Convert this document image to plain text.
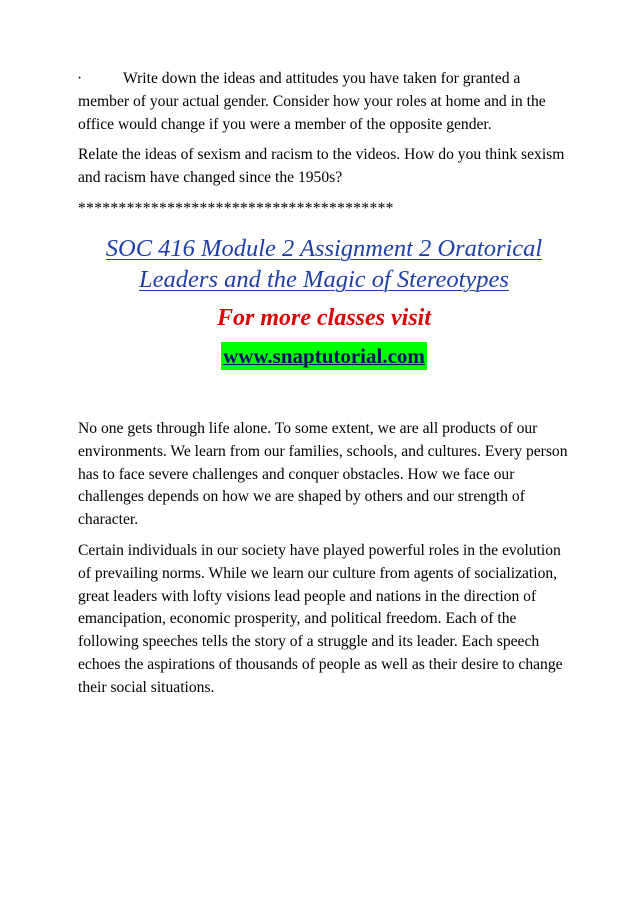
·	Write down the ideas and attitudes you have taken for granted a member of your actual gender. Consider how your roles at home and in the office would change if you were a member of the opposite gender.

Relate the ideas of sexism and racism to the videos. How do you think sexism and racism have changed since the 1950s?

***************************************
SOC 416 Module 2 Assignment 2 Oratorical Leaders and the Magic of Stereotypes
For more classes visit
www.snaptutorial.com

No one gets through life alone. To some extent, we are all products of our environments. We learn from our families, schools, and cultures. Every person has to face severe challenges and conquer obstacles. How we face our challenges depends on how we are shaped by others and our strength of character.

Certain individuals in our society have played powerful roles in the evolution of prevailing norms. While we learn our culture from agents of socialization, great leaders with lofty visions lead people and nations in the direction of emancipation, economic prosperity, and political freedom. Each of the following speeches tells the story of a struggle and its leader. Each speech echoes the aspirations of thousands of people as well as their desire to change their social situations.
